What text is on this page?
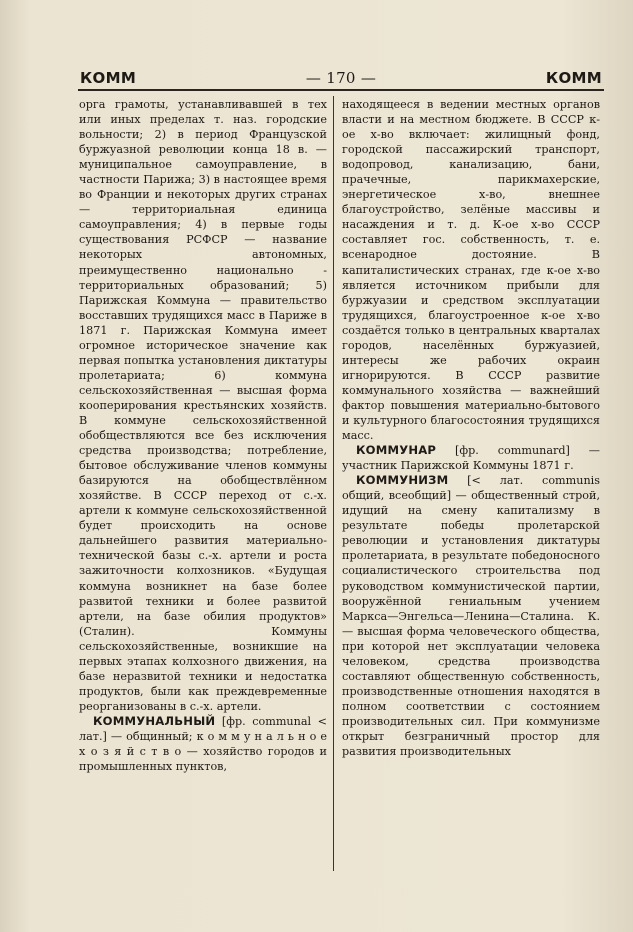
КОММ	— 170 —	КОММ

орга грамоты, устанавливавшей в тех или иных пределах т. наз. городские вольности; 2) в период Французской буржуазной революции конца 18 в. — муниципальное самоуправление, в частности Парижа; 3) в настоящее время во Франции и некоторых других странах — территориальная единица самоуправления; 4) в первые годы существования РСФСР — название некоторых автономных, преимущественно национально - территориальных образований; 5) Парижская Коммуна — правительство восставших трудящихся масс в Париже в 1871 г. Парижская Коммуна имеет огромное историческое значение как первая попытка установления диктатуры пролетариата; 6) коммуна сельскохозяйственная — высшая форма кооперирования крестьянских хозяйств. В коммуне сельскохозяйственной обобществляются все без исключения средства производства; потребление, бытовое обслуживание членов коммуны базируются на обобществлённом хозяйстве. В СССР переход от с.-х. артели к коммуне сельскохозяйственной будет происходить на основе дальнейшего развития материально-технической базы с.-х. артели и роста зажиточности колхозников. «Будущая коммуна возникнет на базе более развитой техники и более развитой артели, на базе обилия продуктов» (Сталин). Коммуны сельскохозяйственные, возникшие на первых этапах колхозного движения, на базе неразвитой техники и недостатка продуктов, были как преждевременные реорганизованы в с.-х. артели.

КОММУНАЛЬНЫЙ [фр. communal < лат.] — общинный; к о м м у н а л ь н о е х о з я й с т в о — хозяйство городов и промышленных пунктов,

находящееся в ведении местных органов власти и на местном бюджете. В СССР к-ое х-во включает: жилищный фонд, городской пассажирский транспорт, водопровод, канализацию, бани, прачечные, парикмахерские, энергетическое х-во, внешнее благоустройство, зелёные массивы и насаждения и т. д. К-ое х-во СССР составляет гос. собственность, т. е. всенародное достояние. В капиталистических странах, где к-ое х-во является источником прибыли для буржуазии и средством эксплуатации трудящихся, благоустроенное к-ое х-во создаётся только в центральных кварталах городов, населённых буржуазией, интересы же рабочих окраин игнорируются. В СССР развитие коммунального хозяйства — важнейший фактор повышения материально-бытового и культурного благосостояния трудящихся масс.

КОММУНАР [фр. communard] — участник Парижской Коммуны 1871 г.

КОММУНИЗМ [< лат. communis общий, всеобщий] — общественный строй, идущий на смену капитализму в результате победы пролетарской революции и установления диктатуры пролетариата, в результате победоносного социалистического строительства под руководством коммунистической партии, вооружённой гениальным учением Маркса—Энгельса—Ленина—Сталина. К. — высшая форма человеческого общества, при которой нет эксплуатации человека человеком, средства производства составляют общественную собственность, производственные отношения находятся в полном соответствии с состоянием производительных сил. При коммунизме открыт безграничный простор для развития производительных
